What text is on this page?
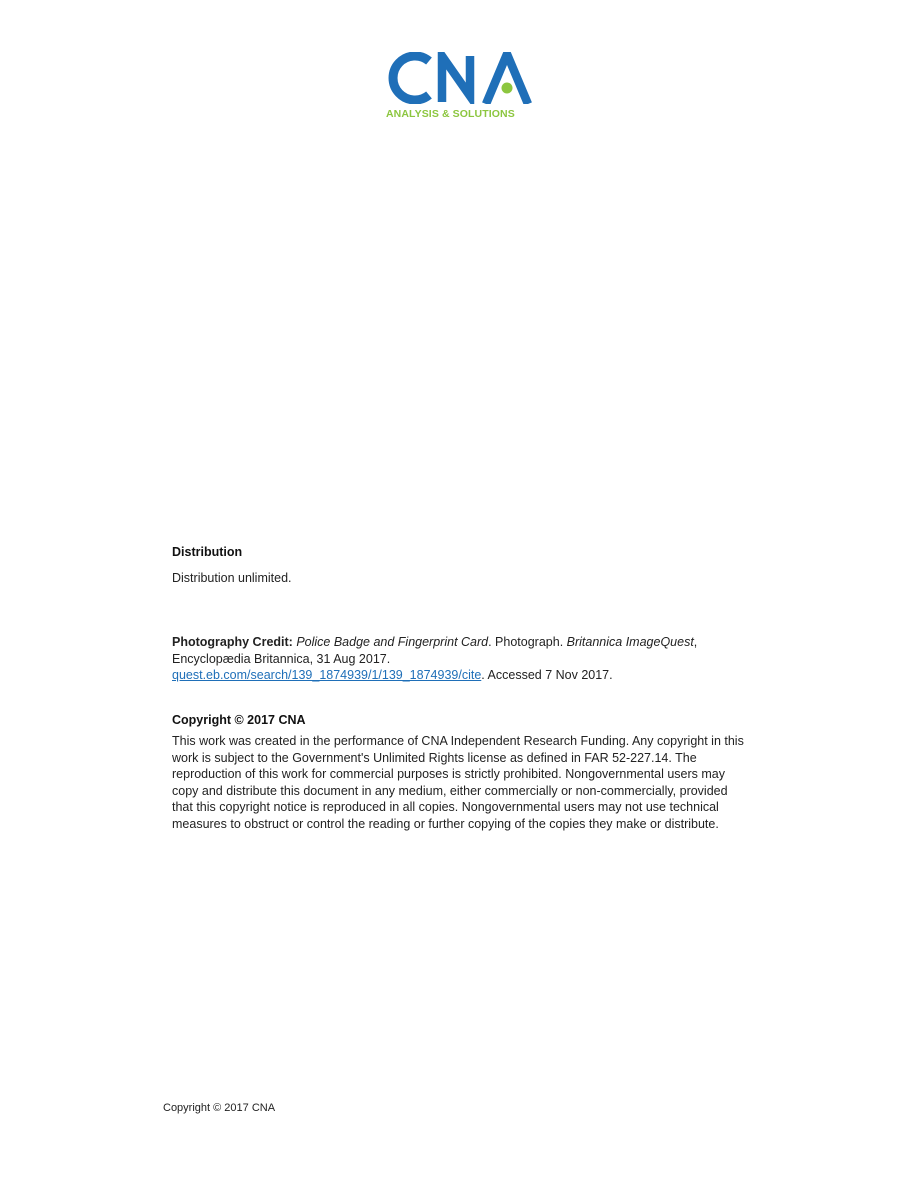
ANALYSIS & SOLUTIONS
Distribution
Distribution unlimited.
Photography Credit: Police Badge and Fingerprint Card. Photograph. Britannica ImageQuest, Encyclopædia Britannica, 31 Aug 2017.
quest.eb.com/search/139_1874939/1/139_1874939/cite. Accessed 7 Nov 2017.
Copyright © 2017 CNA
This work was created in the performance of CNA Independent Research Funding. Any copyright in this work is subject to the Government's Unlimited Rights license as defined in FAR 52-227.14. The reproduction of this work for commercial purposes is strictly prohibited. Nongovernmental users may copy and distribute this document in any medium, either commercially or non-commercially, provided that this copyright notice is reproduced in all copies. Nongovernmental users may not use technical measures to obstruct or control the reading or further copying of the copies they make or distribute.
Copyright © 2017 CNA
